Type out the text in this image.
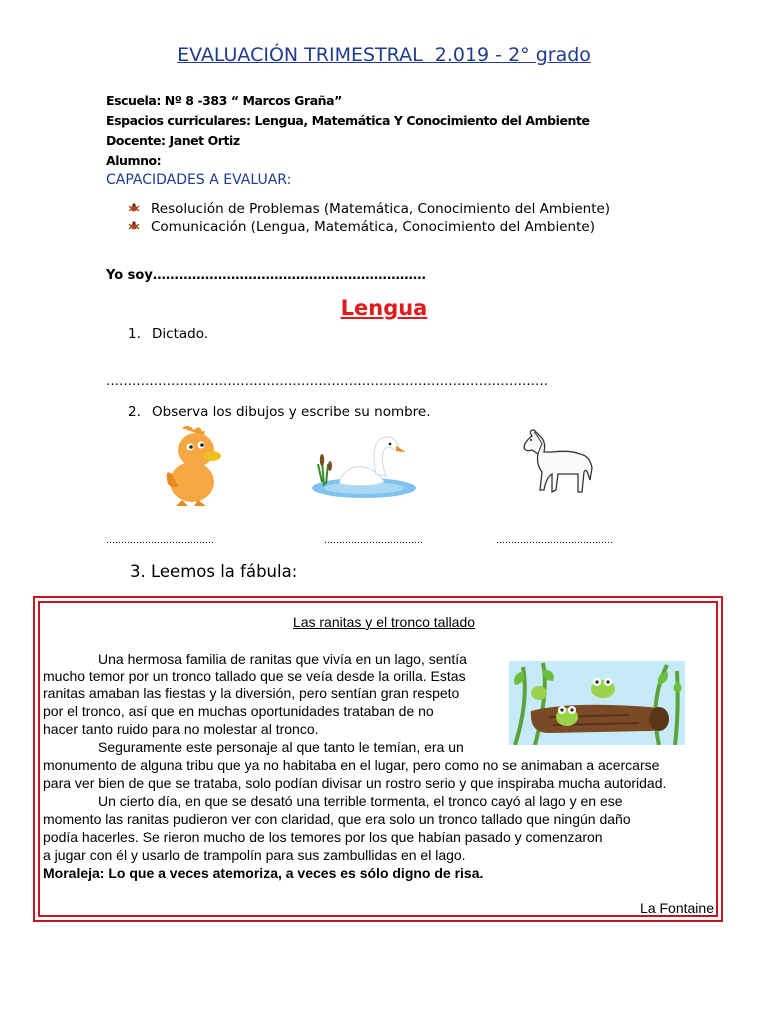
EVALUACIÓN TRIMESTRAL  2.019 - 2° grado
Escuela: Nº 8 -383 “ Marcos Graña”
Espacios curriculares: Lengua, Matemática Y Conocimiento del Ambiente
Docente: Janet Ortiz
Alumno:
CAPACIDADES A EVALUAR:
Resolución de Problemas (Matemática, Conocimiento del Ambiente)
Comunicación (Lengua, Matemática, Conocimiento del Ambiente)
Yo soy………………………………………………………
Lengua
1. Dictado.
…………………………………………………………………………………………
2. Observa los dibujos y escribe su nombre.
………………………………	……………………………	…………………………………
3. Leemos la fábula:
Las ranitas y el tronco tallado
Una hermosa familia de ranitas que vivía en un lago, sentía
mucho temor por un tronco tallado que se veía desde la orilla. Estas
ranitas amaban las fiestas y la diversión, pero sentían gran respeto
por el tronco, así que en muchas oportunidades trataban de no
hacer tanto ruido para no molestar al tronco.
Seguramente este personaje al que tanto le temían, era un
monumento de alguna tribu que ya no habitaba en el lugar, pero como no se animaban a acercarse
para ver bien de que se trataba, solo podían divisar un rostro serio y que inspiraba mucha autoridad.
Un cierto día, en que se desató una terrible tormenta, el tronco cayó al lago y en ese
momento las ranitas pudieron ver con claridad, que era solo un tronco tallado que ningún daño
podía hacerles. Se rieron mucho de los temores por los que habían pasado y comenzaron
a jugar con él y usarlo de trampolín para sus zambullidas en el lago.
Moraleja: Lo que a veces atemoriza, a veces es sólo digno de risa.
La Fontaine
